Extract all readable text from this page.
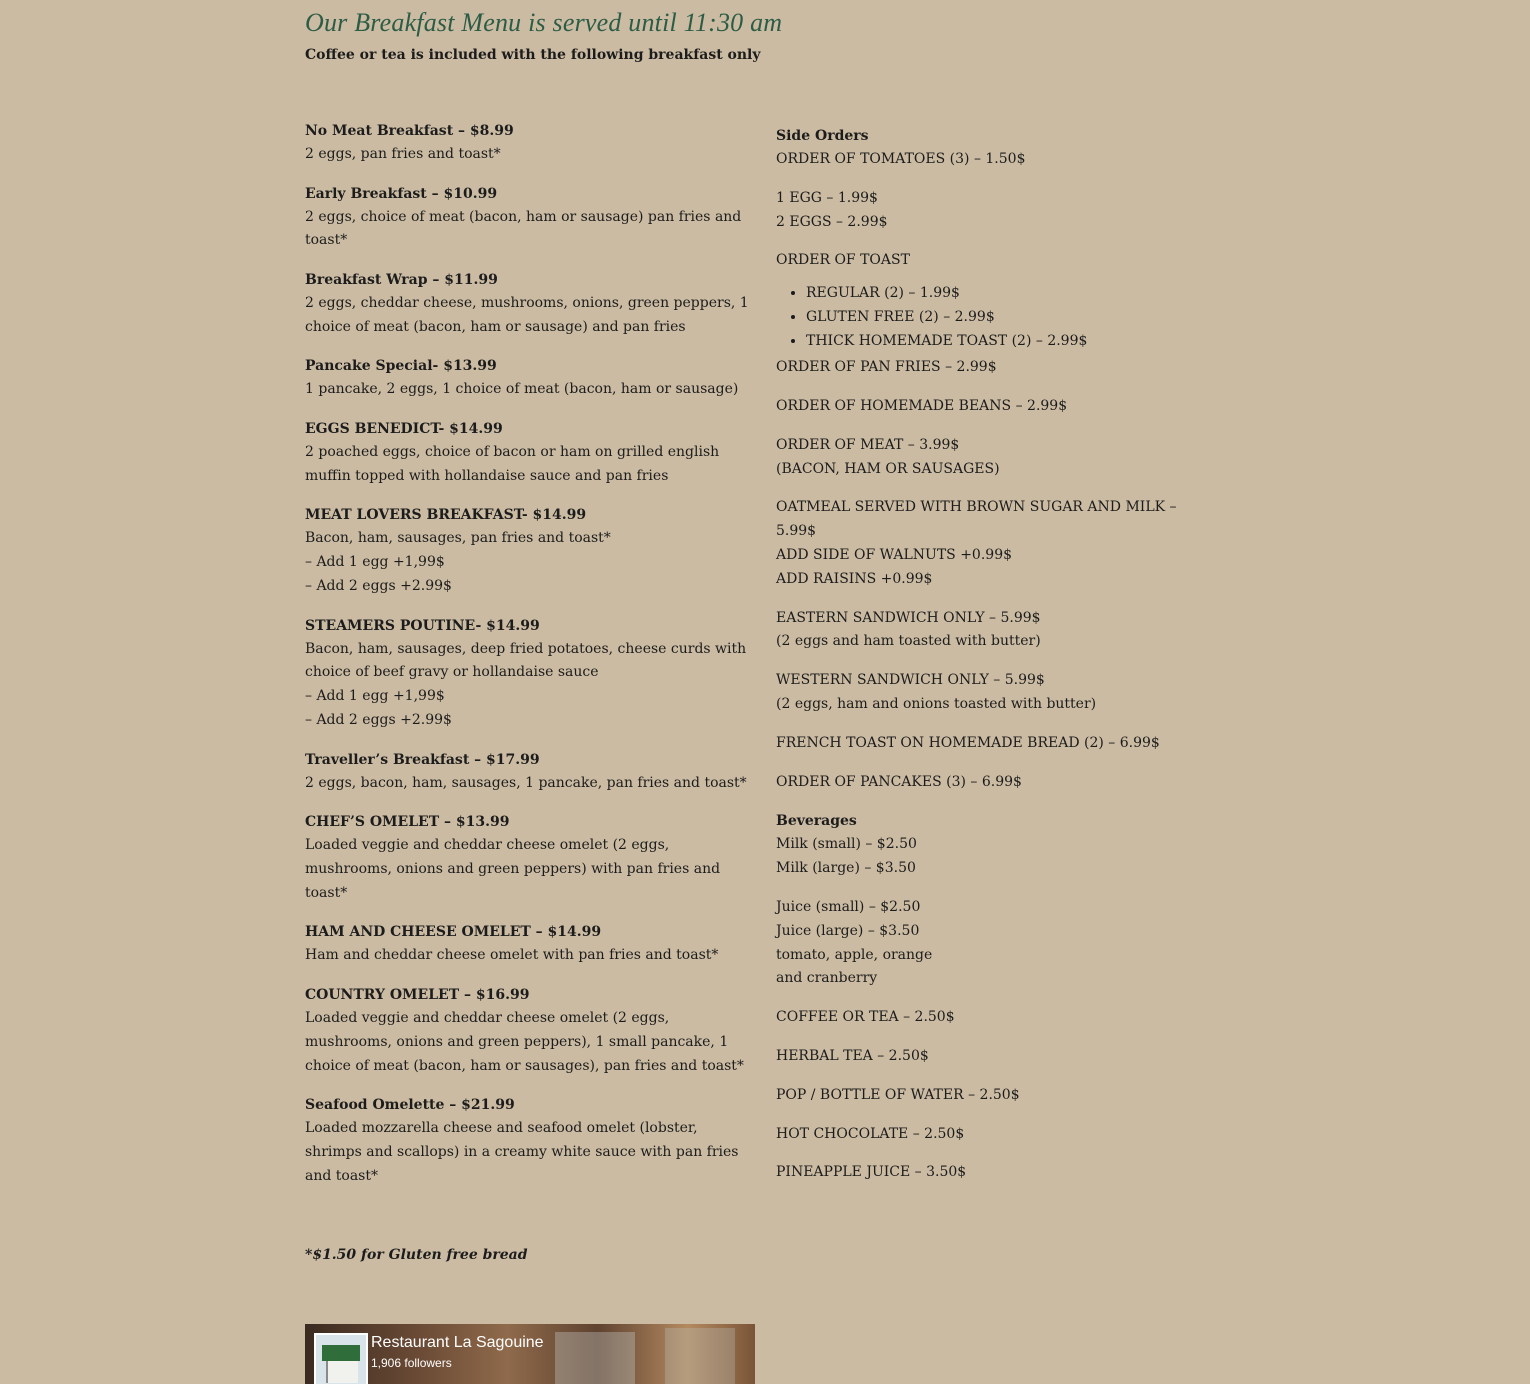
Our Breakfast Menu is served until 11:30 am

Coffee or tea is included with the following breakfast only

No Meat Breakfast – $8.99
2 eggs, pan fries and toast*
Early Breakfast – $10.99
2 eggs, choice of meat (bacon, ham or sausage) pan fries and toast*
Breakfast Wrap – $11.99
2 eggs, cheddar cheese, mushrooms, onions, green peppers, 1 choice of meat (bacon, ham or sausage) and pan fries
Pancake Special- $13.99
1 pancake, 2 eggs, 1 choice of meat (bacon, ham or sausage)
EGGS BENEDICT- $14.99
2 poached eggs, choice of bacon or ham on grilled english muffin topped with hollandaise sauce and pan fries
MEAT LOVERS BREAKFAST- $14.99
Bacon, ham, sausages, pan fries and toast*
– Add 1 egg +1,99$
– Add 2 eggs +2.99$
STEAMERS POUTINE- $14.99
Bacon, ham, sausages, deep fried potatoes, cheese curds with choice of beef gravy or hollandaise sauce
– Add 1 egg +1,99$
– Add 2 eggs +2.99$
Traveller’s Breakfast – $17.99
2 eggs, bacon, ham, sausages, 1 pancake, pan fries and toast*
CHEF’S OMELET – $13.99
Loaded veggie and cheddar cheese omelet (2 eggs, mushrooms, onions and green peppers) with pan fries and toast*
HAM AND CHEESE OMELET – $14.99
Ham and cheddar cheese omelet with pan fries and toast*
COUNTRY OMELET – $16.99
Loaded veggie and cheddar cheese omelet (2 eggs, mushrooms, onions and green peppers), 1 small pancake, 1 choice of meat (bacon, ham or sausages), pan fries and toast*
Seafood Omelette – $21.99
Loaded mozzarella cheese and seafood omelet (lobster, shrimps and scallops) in a creamy white sauce with pan fries and toast*
Side Orders
ORDER OF TOMATOES (3) – 1.50$
1 EGG – 1.99$
2 EGGS – 2.99$
ORDER OF TOAST
• REGULAR (2) – 1.99$
• GLUTEN FREE (2) – 2.99$
• THICK HOMEMADE TOAST (2) – 2.99$
ORDER OF PAN FRIES – 2.99$
ORDER OF HOMEMADE BEANS – 2.99$
ORDER OF MEAT – 3.99$
(BACON, HAM OR SAUSAGES)
OATMEAL SERVED WITH BROWN SUGAR AND MILK – 5.99$
ADD SIDE OF WALNUTS +0.99$
ADD RAISINS +0.99$
EASTERN SANDWICH ONLY – 5.99$
(2 eggs and ham toasted with butter)
WESTERN SANDWICH ONLY – 5.99$
(2 eggs, ham and onions toasted with butter)
FRENCH TOAST ON HOMEMADE BREAD (2) – 6.99$
ORDER OF PANCAKES (3) – 6.99$
Beverages
Milk (small) – $2.50
Milk (large) – $3.50
Juice (small) – $2.50
Juice (large) – $3.50
tomato, apple, orange
and cranberry
COFFEE OR TEA – 2.50$
HERBAL TEA – 2.50$
POP / BOTTLE OF WATER – 2.50$
HOT CHOCOLATE – 2.50$
PINEAPPLE JUICE – 3.50$

*$1.50 for Gluten free bread

Restaurant La Sagouine
1,906 followers
